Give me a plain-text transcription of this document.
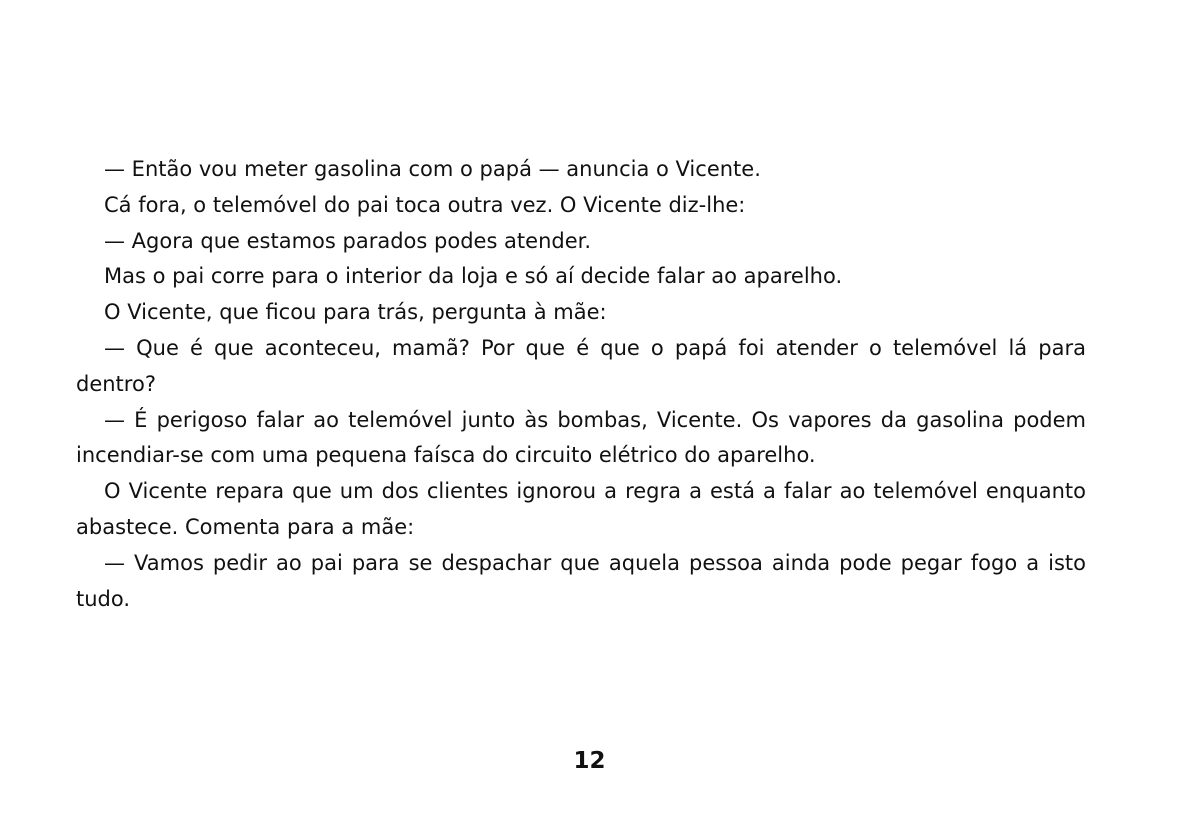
— Então vou meter gasolina com o papá — anuncia o Vicente.

Cá fora, o telemóvel do pai toca outra vez. O Vicente diz-lhe:

— Agora que estamos parados podes atender.

Mas o pai corre para o interior da loja e só aí decide falar ao aparelho.

O Vicente, que ficou para trás, pergunta à mãe:

— Que é que aconteceu, mamã? Por que é que o papá foi atender o telemóvel lá para dentro?

— É perigoso falar ao telemóvel junto às bombas, Vicente. Os vapores da gasolina podem incendiar-se com uma pequena faísca do circuito elétrico do aparelho.

O Vicente repara que um dos clientes ignorou a regra a está a falar ao telemóvel enquanto abastece. Comenta para a mãe:

— Vamos pedir ao pai para se despachar que aquela pessoa ainda pode pegar fogo a isto tudo.

12
